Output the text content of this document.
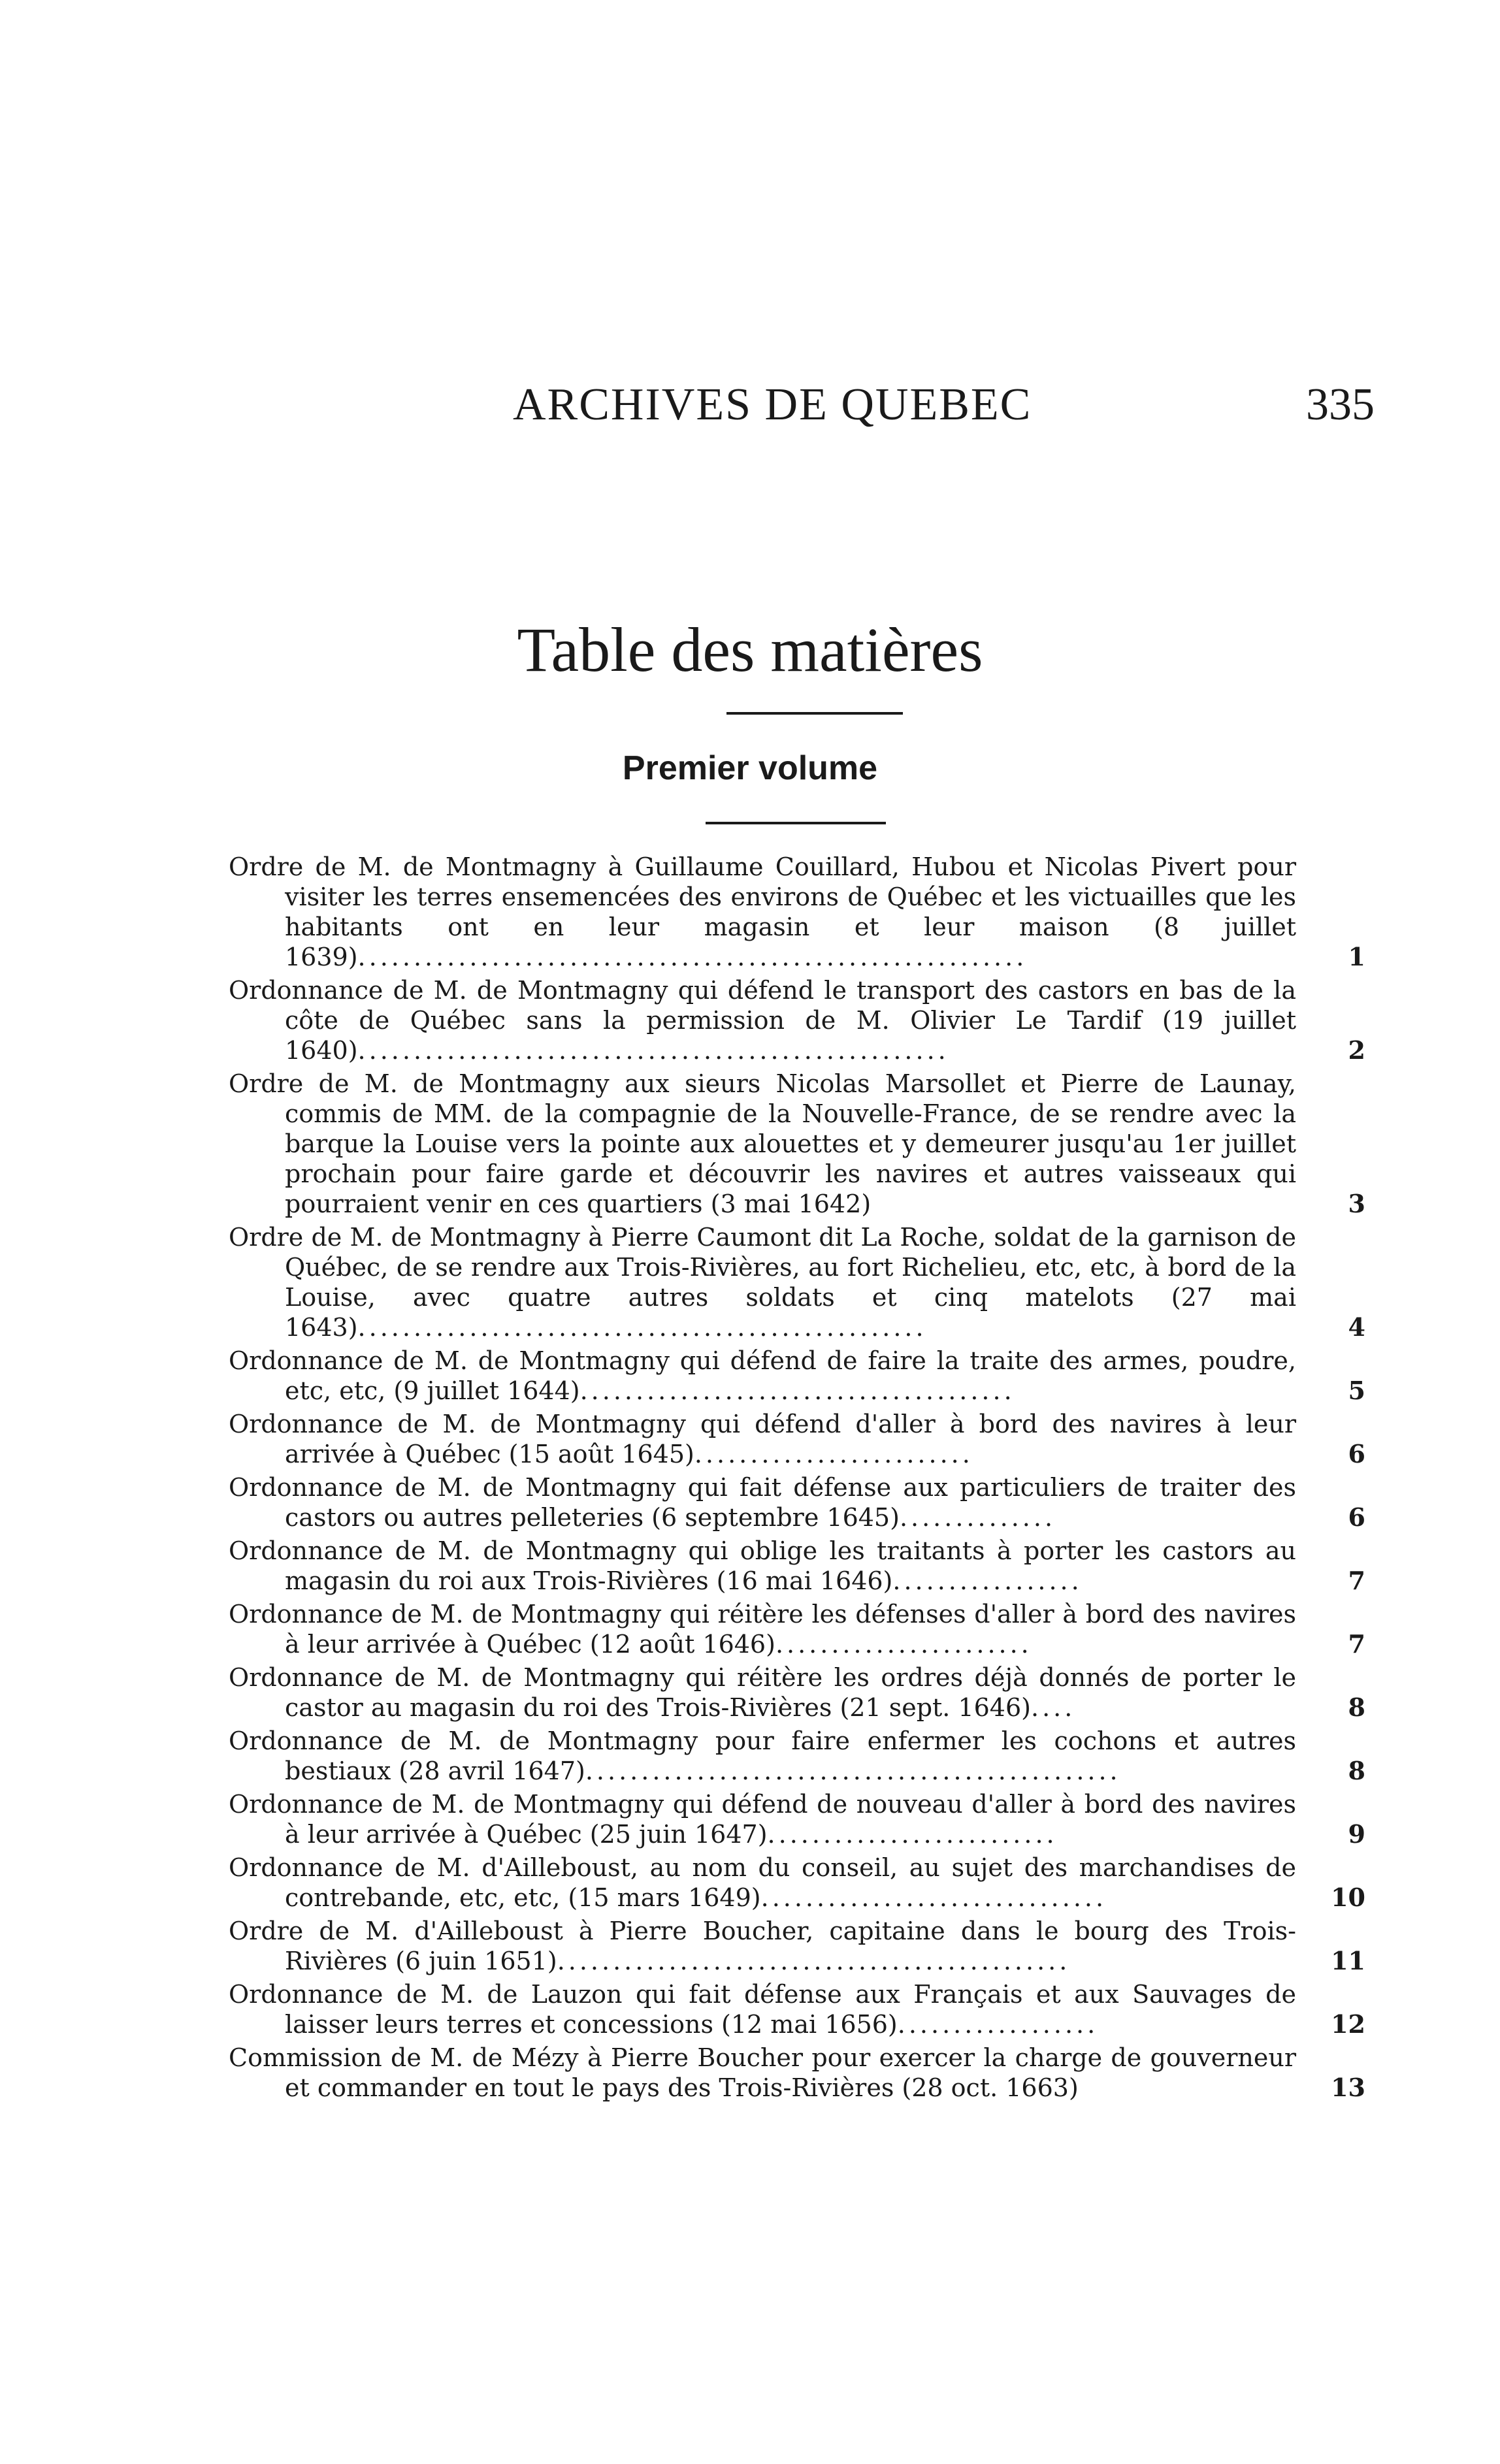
ARCHIVES DE QUEBEC	335
Table des matières
Premier volume
Ordre de M. de Montmagny à Guillaume Couillard, Hubou et Nicolas Pivert pour visiter les terres ensemencées des environs de Québec et les victuailles que les habitants ont en leur magasin et leur maison (8 juillet 1639)............................................................	1
Ordonnance de M. de Montmagny qui défend le transport des castors en bas de la côte de Québec sans la permission de M. Olivier Le Tardif (19 juillet 1640).....................................................	2
Ordre de M. de Montmagny aux sieurs Nicolas Marsollet et Pierre de Launay, commis de MM. de la compagnie de la Nouvelle-France, de se rendre avec la barque la Louise vers la pointe aux alouettes et y demeurer jusqu'au 1er juillet prochain pour faire garde et découvrir les navires et autres vaisseaux qui pourraient venir en ces quartiers (3 mai 1642)	3
Ordre de M. de Montmagny à Pierre Caumont dit La Roche, soldat de la garnison de Québec, de se rendre aux Trois-Rivières, au fort Richelieu, etc, etc, à bord de la Louise, avec quatre autres soldats et cinq matelots (27 mai 1643)...................................................	4
Ordonnance de M. de Montmagny qui défend de faire la traite des armes, poudre, etc, etc, (9 juillet 1644).......................................	5
Ordonnance de M. de Montmagny qui défend d'aller à bord des navires à leur arrivée à Québec (15 août 1645).........................	6
Ordonnance de M. de Montmagny qui fait défense aux particuliers de traiter des castors ou autres pelleteries (6 septembre 1645)..............	6
Ordonnance de M. de Montmagny qui oblige les traitants à porter les castors au magasin du roi aux Trois-Rivières (16 mai 1646).................	7
Ordonnance de M. de Montmagny qui réitère les défenses d'aller à bord des navires à leur arrivée à Québec (12 août 1646).......................	7
Ordonnance de M. de Montmagny qui réitère les ordres déjà donnés de porter le castor au magasin du roi des Trois-Rivières (21 sept. 1646)....	8
Ordonnance de M. de Montmagny pour faire enfermer les cochons et autres bestiaux (28 avril 1647)................................................	8
Ordonnance de M. de Montmagny qui défend de nouveau d'aller à bord des navires à leur arrivée à Québec (25 juin 1647)..........................	9
Ordonnance de M. d'Ailleboust, au nom du conseil, au sujet des marchandises de contrebande, etc, etc, (15 mars 1649)...............................	10
Ordre de M. d'Ailleboust à Pierre Boucher, capitaine dans le bourg des Trois-Rivières (6 juin 1651)..............................................	11
Ordonnance de M. de Lauzon qui fait défense aux Français et aux Sauvages de laisser leurs terres et concessions (12 mai 1656)..................	12
Commission de M. de Mézy à Pierre Boucher pour exercer la charge de gouverneur et commander en tout le pays des Trois-Rivières (28 oct. 1663)	13
